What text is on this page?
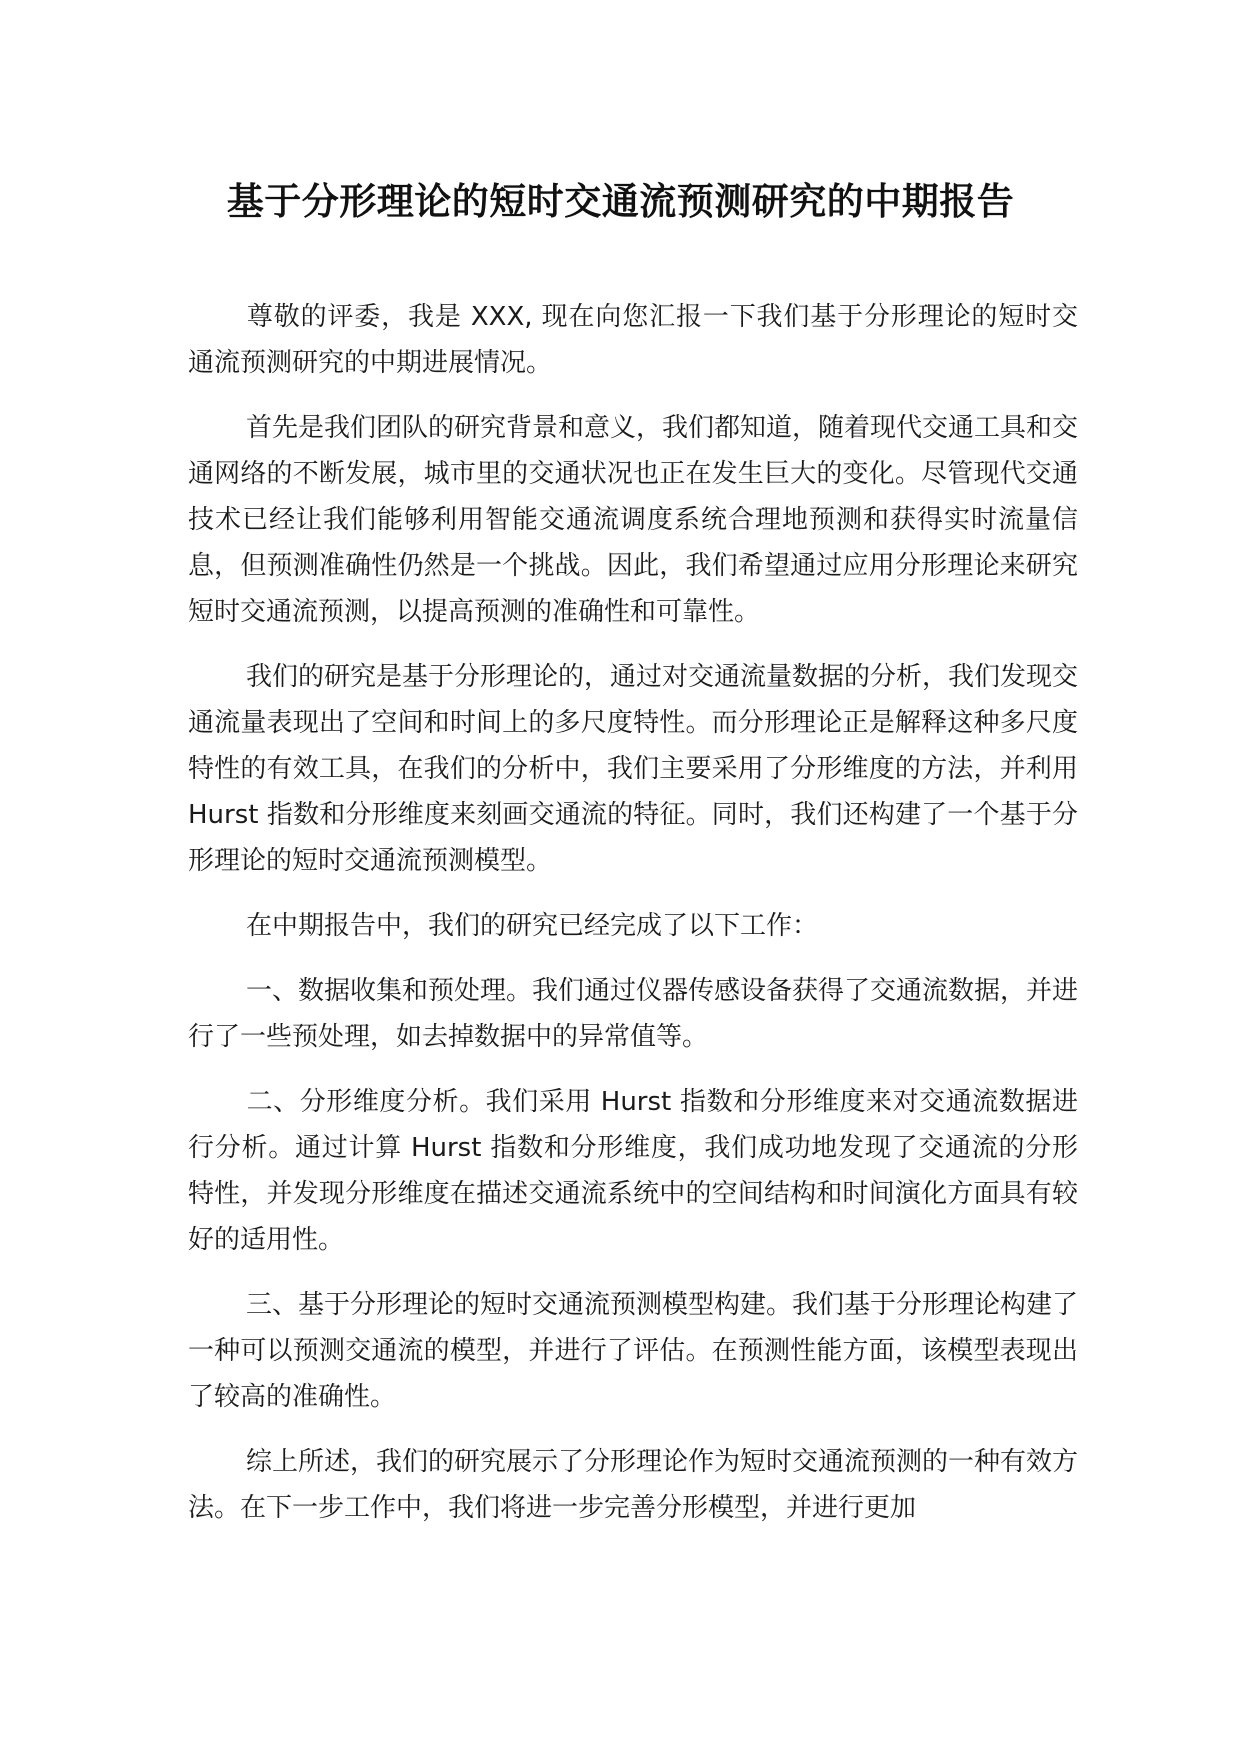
基于分形理论的短时交通流预测研究的中期报告

尊敬的评委，我是 XXX, 现在向您汇报一下我们基于分形理论的短时交通流预测研究的中期进展情况。

首先是我们团队的研究背景和意义，我们都知道，随着现代交通工具和交通网络的不断发展，城市里的交通状况也正在发生巨大的变化。尽管现代交通技术已经让我们能够利用智能交通流调度系统合理地预测和获得实时流量信息，但预测准确性仍然是一个挑战。因此，我们希望通过应用分形理论来研究短时交通流预测，以提高预测的准确性和可靠性。

我们的研究是基于分形理论的，通过对交通流量数据的分析，我们发现交通流量表现出了空间和时间上的多尺度特性。而分形理论正是解释这种多尺度特性的有效工具，在我们的分析中，我们主要采用了分形维度的方法，并利用 Hurst 指数和分形维度来刻画交通流的特征。同时，我们还构建了一个基于分形理论的短时交通流预测模型。

在中期报告中，我们的研究已经完成了以下工作：

一、数据收集和预处理。我们通过仪器传感设备获得了交通流数据，并进行了一些预处理，如去掉数据中的异常值等。

二、分形维度分析。我们采用 Hurst 指数和分形维度来对交通流数据进行分析。通过计算 Hurst 指数和分形维度，我们成功地发现了交通流的分形特性，并发现分形维度在描述交通流系统中的空间结构和时间演化方面具有较好的适用性。

三、基于分形理论的短时交通流预测模型构建。我们基于分形理论构建了一种可以预测交通流的模型，并进行了评估。在预测性能方面，该模型表现出了较高的准确性。

综上所述，我们的研究展示了分形理论作为短时交通流预测的一种有效方法。在下一步工作中，我们将进一步完善分形模型，并进行更加
